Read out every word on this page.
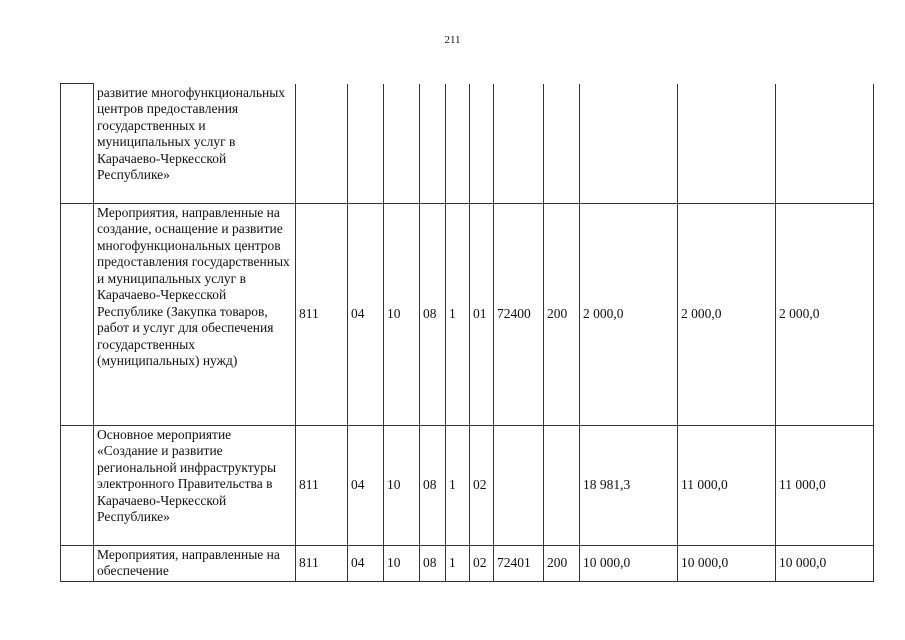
211
	развитие многофункциональных центров предоставления государственных и муниципальных услуг в Карачаево-Черкесской Республике»											
	Мероприятия, направленные на создание, оснащение и развитие многофункциональных центров предоставления государственных и муниципальных услуг в Карачаево-Черкесской Республике (Закупка товаров, работ и услуг для обеспечения государственных (муниципальных) нужд)	811	04	10	08	1	01	72400	200	2 000,0	2 000,0	2 000,0
	Основное мероприятие «Создание и развитие региональной инфраструктуры электронного Правительства в Карачаево-Черкесской Республике»	811	04	10	08	1	02			18 981,3	11 000,0	11 000,0
	Мероприятия, направленные на обеспечение	811	04	10	08	1	02	72401	200	10 000,0	10 000,0	10 000,0
